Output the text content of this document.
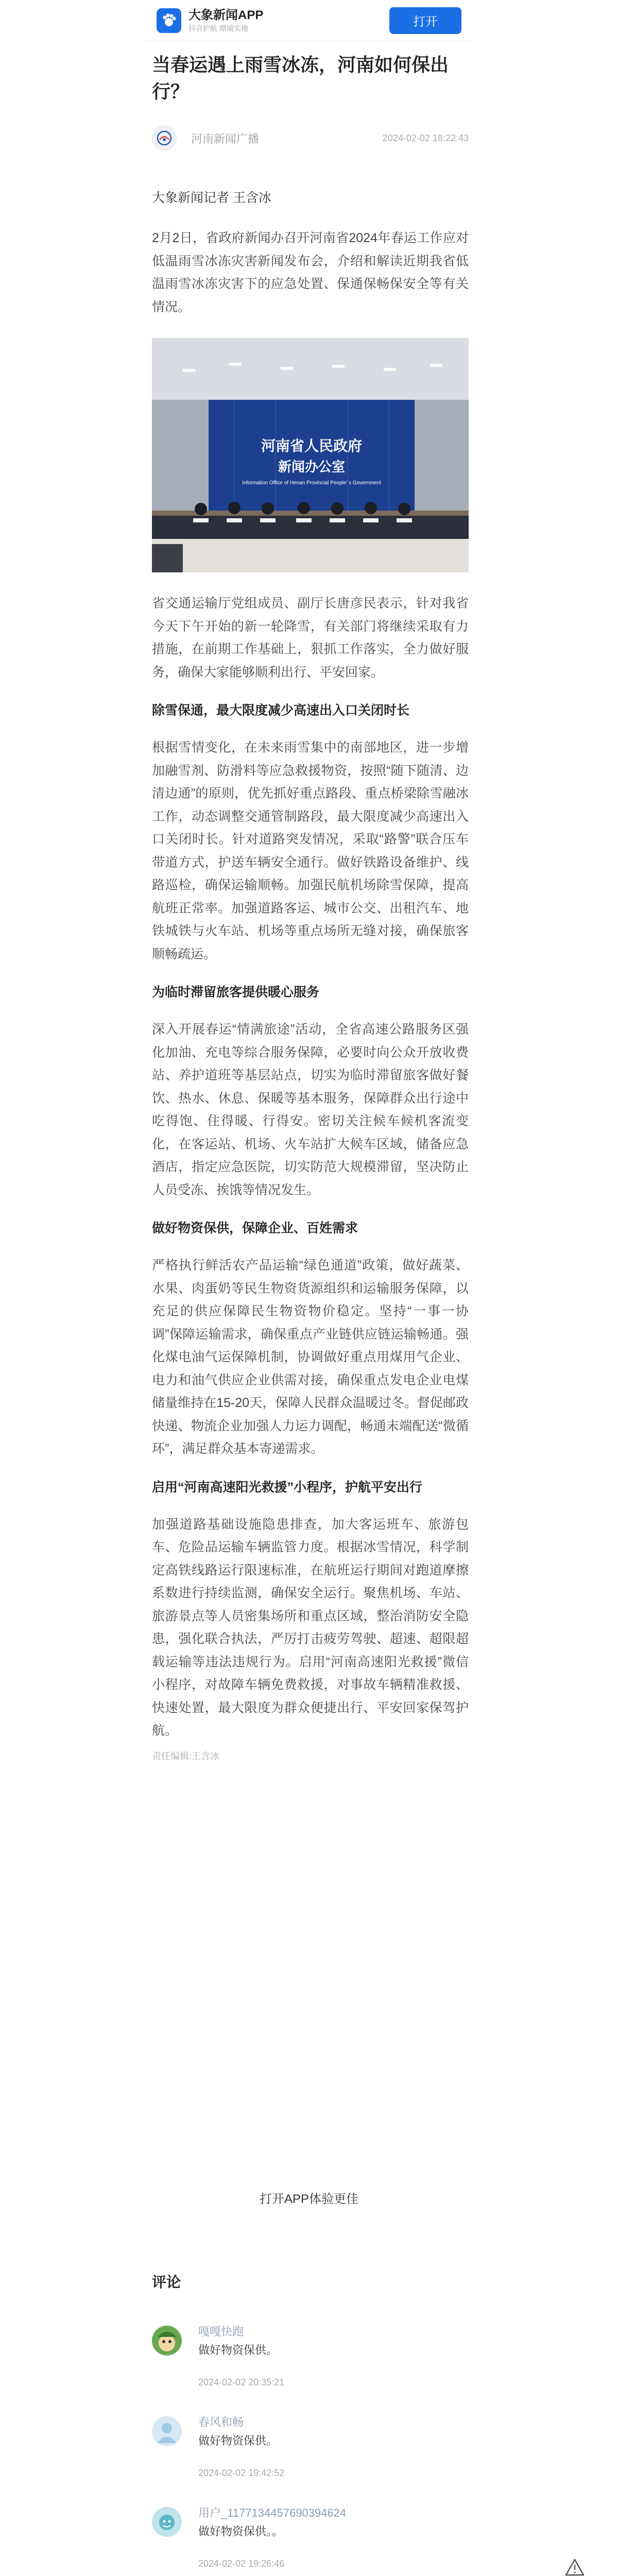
大象新闻APP
抖音护航 鼎端实地	打开
当春运遇上雨雪冰冻，河南如何保出行？
河南新闻广播	2024-02-02 18:22:43

大象新闻记者 王含冰

2月2日，省政府新闻办召开河南省2024年春运工作应对低温雨雪冰冻灾害新闻发布会，介绍和解读近期我省低温雨雪冰冻灾害下的应急处置、保通保畅保安全等有关情况。

河南省人民政府
新闻办公室
Information Office of Henan Provincial People' s Government

省交通运输厅党组成员、副厅长唐彦民表示，针对我省今天下午开始的新一轮降雪，有关部门将继续采取有力措施，在前期工作基础上，狠抓工作落实，全力做好服务，确保大家能够顺利出行、平安回家。

除雪保通，最大限度减少高速出入口关闭时长

根据雪情变化，在未来雨雪集中的南部地区，进一步增加融雪剂、防滑料等应急救援物资，按照“随下随清、边清边通”的原则，优先抓好重点路段、重点桥梁除雪融冰工作，动态调整交通管制路段，最大限度减少高速出入口关闭时长。针对道路突发情况，采取“路警”联合压车带道方式，护送车辆安全通行。做好铁路设备维护、线路巡检，确保运输顺畅。加强民航机场除雪保障，提高航班正常率。加强道路客运、城市公交、出租汽车、地铁城铁与火车站、机场等重点场所无缝对接，确保旅客顺畅疏运。

为临时滞留旅客提供暖心服务

深入开展春运“情满旅途”活动，全省高速公路服务区强化加油、充电等综合服务保障，必要时向公众开放收费站、养护道班等基层站点，切实为临时滞留旅客做好餐饮、热水、休息、保暖等基本服务，保障群众出行途中吃得饱、住得暖、行得安。密切关注候车候机客流变化，在客运站、机场、火车站扩大候车区域，储备应急酒店，指定应急医院，切实防范大规模滞留，坚决防止人员受冻、挨饿等情况发生。

做好物资保供，保障企业、百姓需求

严格执行鲜活农产品运输“绿色通道”政策，做好蔬菜、水果、肉蛋奶等民生物资货源组织和运输服务保障，以充足的供应保障民生物资物价稳定。坚持“一事一协调”保障运输需求，确保重点产业链供应链运输畅通。强化煤电油气运保障机制，协调做好重点用煤用气企业、电力和油气供应企业供需对接，确保重点发电企业电煤储量维持在15-20天，保障人民群众温暖过冬。督促邮政快递、物流企业加强人力运力调配，畅通末端配送“微循环”，满足群众基本寄递需求。

启用“河南高速阳光救援”小程序，护航平安出行

加强道路基础设施隐患排查，加大客运班车、旅游包车、危险品运输车辆监管力度。根据冰雪情况，科学制定高铁线路运行限速标准，在航班运行期间对跑道摩擦系数进行持续监测，确保安全运行。聚焦机场、车站、旅游景点等人员密集场所和重点区域，整治消防安全隐患，强化联合执法，严厉打击疲劳驾驶、超速、超限超载运输等违法违规行为。启用“河南高速阳光救援”微信小程序，对故障车辆免费救援，对事故车辆精准救援、快速处置，最大限度为群众便捷出行、平安回家保驾护航。

责任编辑:王含冰

打开APP体验更佳
评论
嘎嘎快跑
做好物资保供。
2024-02-02 20:35:21
春风和畅
做好物资保供。
2024-02-02 19:42:52
用户_1177134457690394624
做好物资保供。。
2024-02-02 19:26:46
